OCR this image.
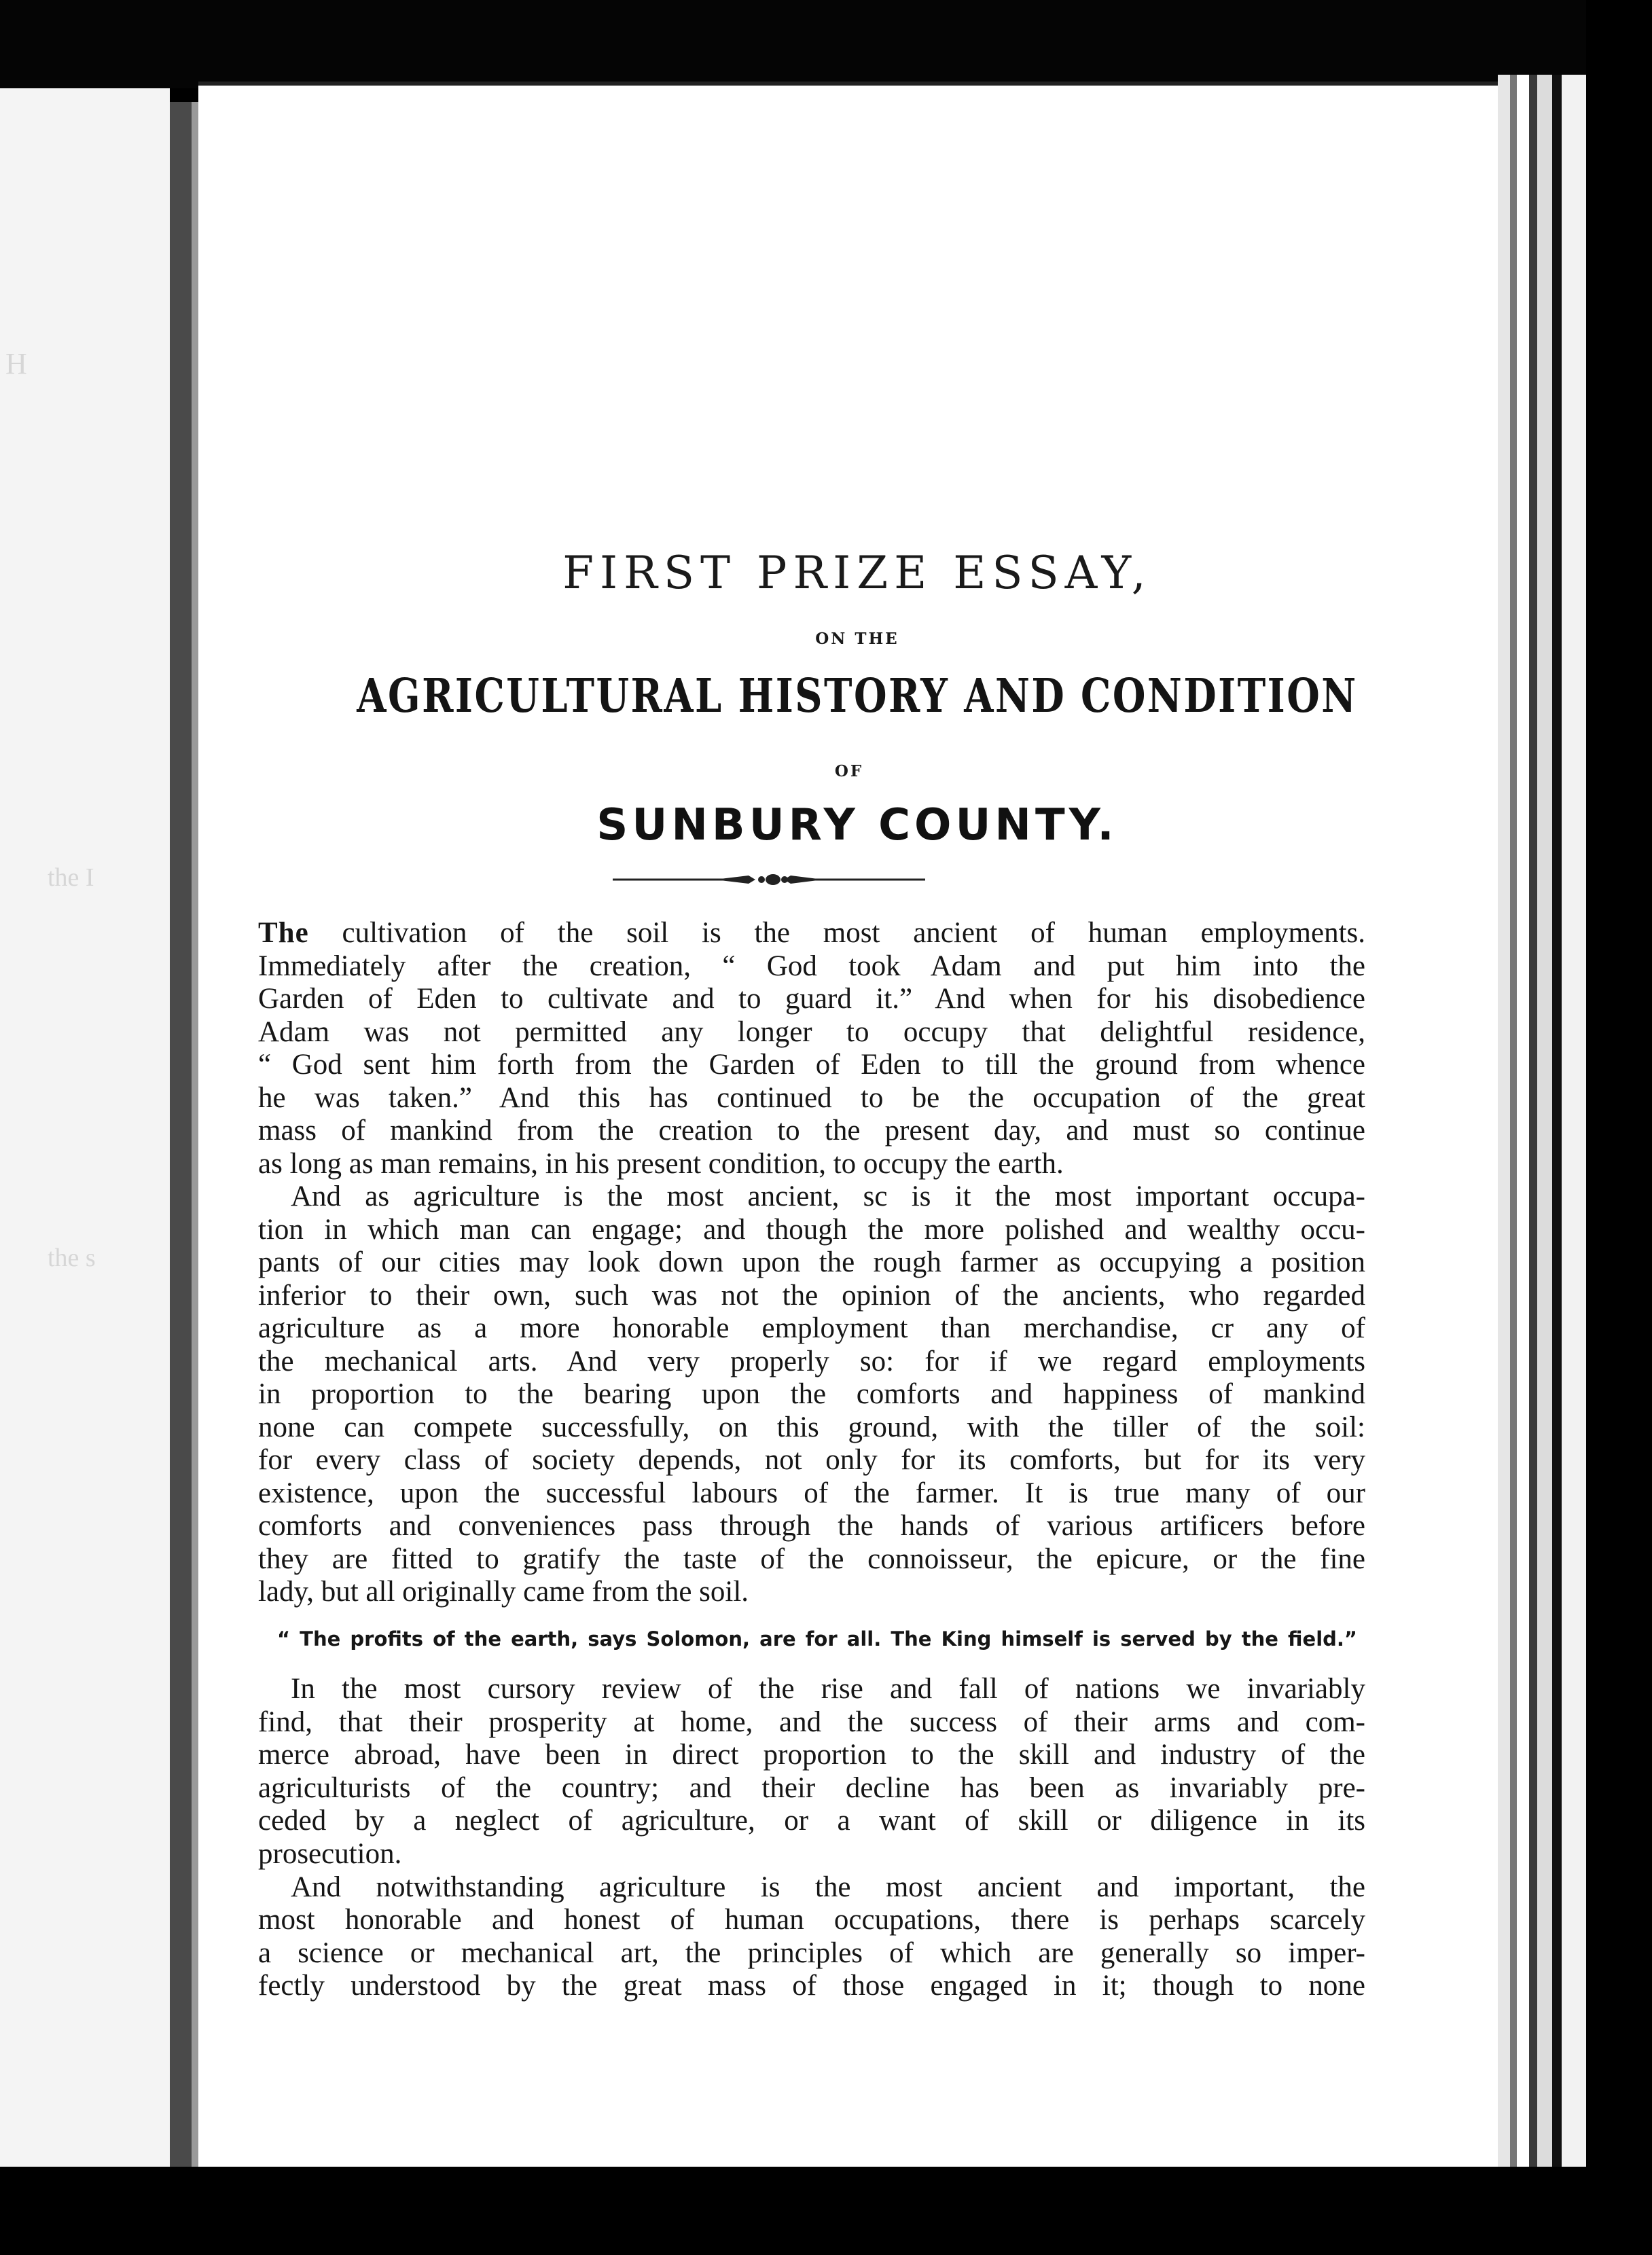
H
the I
the s
FIRST PRIZE ESSAY,
ON THE
AGRICULTURAL HISTORY AND CONDITION
OF
SUNBURY COUNTY.
The cultivation of the soil is the most ancient of human employments.
Immediately after the creation, “ God took Adam and put him into the
Garden of Eden to cultivate and to guard it.” And when for his disobedience
Adam was not permitted any longer to occupy that delightful residence,
“ God sent him forth from the Garden of Eden to till the ground from whence
he was taken.” And this has continued to be the occupation of the great
mass of mankind from the creation to the present day, and must so continue
as long as man remains, in his present condition, to occupy the earth.
And as agriculture is the most ancient, sc is it the most important occupa-
tion in which man can engage; and though the more polished and wealthy occu-
pants of our cities may look down upon the rough farmer as occupying a position
inferior to their own, such was not the opinion of the ancients, who regarded
agriculture as a more honorable employment than merchandise, cr any of
the mechanical arts. And very properly so: for if we regard employments
in proportion to the bearing upon the comforts and happiness of mankind
none can compete successfully, on this ground, with the tiller of the soil:
for every class of society depends, not only for its comforts, but for its very
existence, upon the successful labours of the farmer. It is true many of our
comforts and conveniences pass through the hands of various artificers before
they are fitted to gratify the taste of the connoisseur, the epicure, or the fine
lady, but all originally came from the soil.
“ The profits of the earth, says Solomon, are for all. The King himself is served by the field.”
In the most cursory review of the rise and fall of nations we invariably
find, that their prosperity at home, and the success of their arms and com-
merce abroad, have been in direct proportion to the skill and industry of the
agriculturists of the country; and their decline has been as invariably pre-
ceded by a neglect of agriculture, or a want of skill or diligence in its
prosecution.
And notwithstanding agriculture is the most ancient and important, the
most honorable and honest of human occupations, there is perhaps scarcely
a science or mechanical art, the principles of which are generally so imper-
fectly understood by the great mass of those engaged in it; though to none
